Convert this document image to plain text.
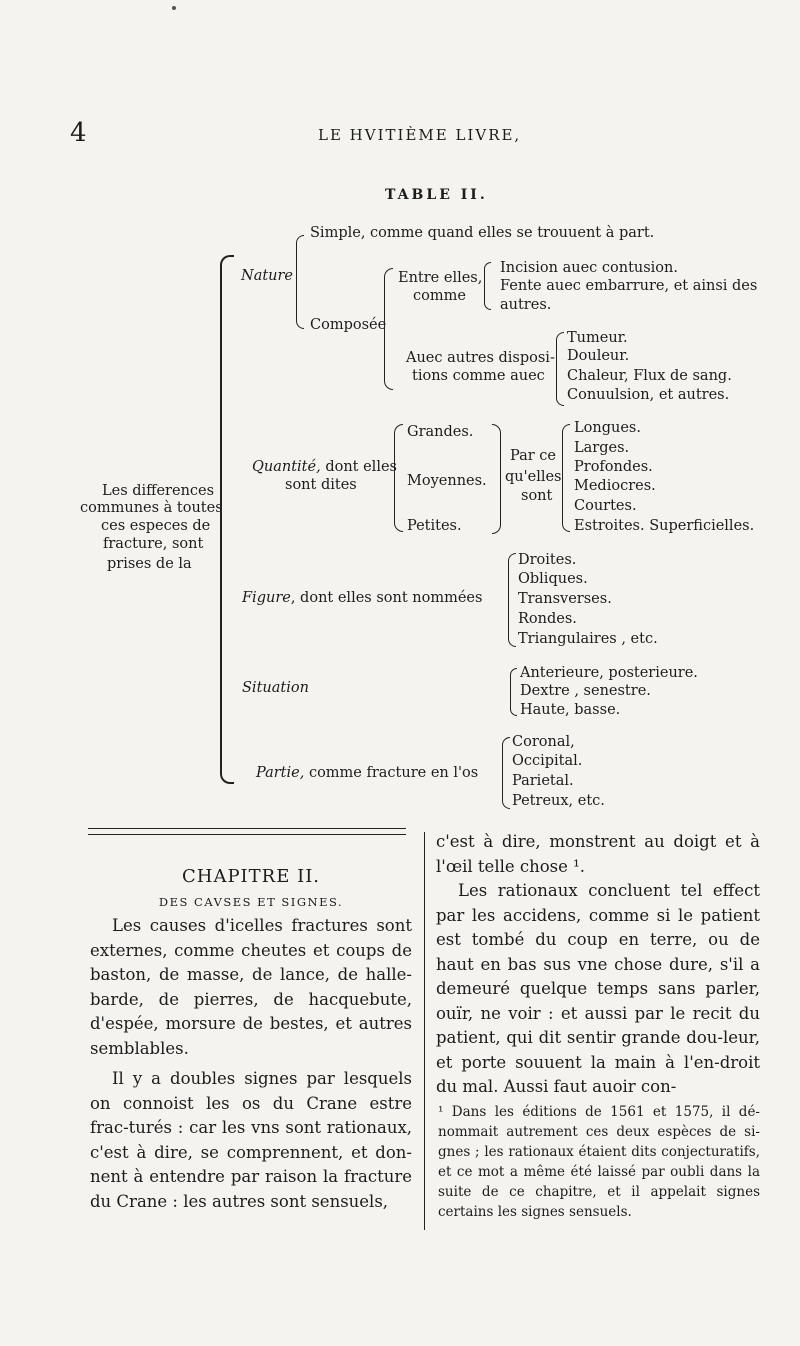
4	LE HVITIÈME LIVRE,
TABLE II.
Les differences
communes à toutes
ces especes de
fracture, sont
prises de la
Nature
Simple, comme quand elles se trouuent à part.
Composée
Entre elles,
comme
Incision auec contusion.
Fente auec embarrure, et ainsi des
autres.
Auec autres disposi-
tions comme auec
Tumeur.
Douleur.
Chaleur, Flux de sang.
Conuulsion, et autres.
Quantité, dont elles
sont dites
Grandes.
Moyennes.
Petites.
Par ce
qu'elles
sont
Longues.
Larges.
Profondes.
Mediocres.
Courtes.
Estroites. Superficielles.
Figure, dont elles sont nommées
Droites.
Obliques.
Transverses.
Rondes.
Triangulaires , etc.
Situation
Anterieure, posterieure.
Dextre , senestre.
Haute, basse.
Partie, comme fracture en l'os
Coronal,
Occipital.
Parietal.
Petreux, etc.

CHAPITRE II.

DES CAVSES ET SIGNES.

Les causes d'icelles fractures sont externes, comme cheutes et coups de baston, de masse, de lance, de halle-barde, de pierres, de hacquebute, d'espée, morsure de bestes, et autres semblables.

Il y a doubles signes par lesquels on connoist les os du Crane estre frac-turés : car les vns sont rationaux, c'est à dire, se comprennent, et don-nent à entendre par raison la fracture du Crane : les autres sont sensuels,

c'est à dire, monstrent au doigt et à l'œil telle chose ¹.

Les rationaux concluent tel effect par les accidens, comme si le patient est tombé du coup en terre, ou de haut en bas sus vne chose dure, s'il a demeuré quelque temps sans parler, ouïr, ne voir : et aussi par le recit du patient, qui dit sentir grande dou-leur, et porte souuent la main à l'en-droit du mal. Aussi faut auoir con-

¹ Dans les éditions de 1561 et 1575, il dé-nommait autrement ces deux espèces de si-gnes ; les rationaux étaient dits conjecturatifs, et ce mot a même été laissé par oubli dans la suite de ce chapitre, et il appelait signes certains les signes sensuels.
